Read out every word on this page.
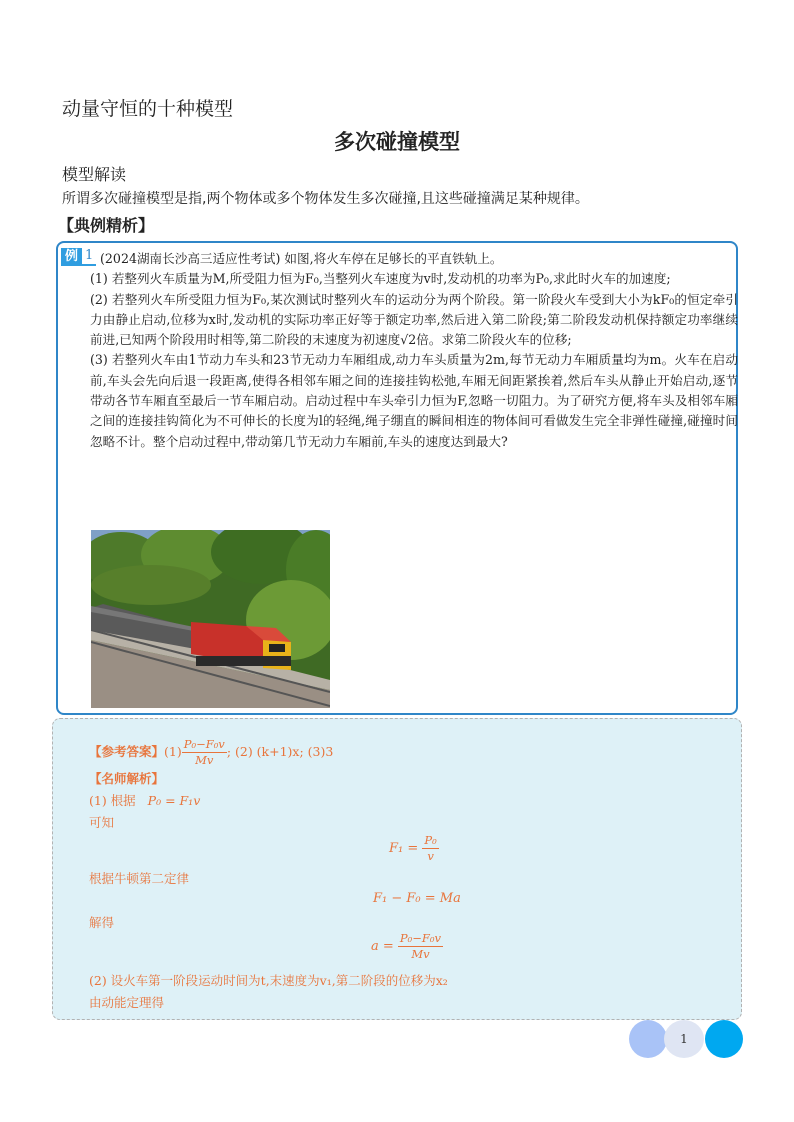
动量守恒的十种模型
多次碰撞模型
模型解读
所谓多次碰撞模型是指,两个物体或多个物体发生多次碰撞,且这些碰撞满足某种规律。
【典例精析】
例 1 (2024湖南长沙高三适应性考试) 如图,将火车停在足够长的平直铁轨上。

(1) 若整列火车质量为M,所受阻力恒为F₀,当整列火车速度为v时,发动机的功率为P₀,求此时火车的加速度;

(2) 若整列火车所受阻力恒为F₀,某次测试时整列火车的运动分为两个阶段。第一阶段火车受到大小为kF₀的恒定牵引力由静止启动,位移为x时,发动机的实际功率正好等于额定功率,然后进入第二阶段;第二阶段发动机保持额定功率继续前进,已知两个阶段用时相等,第二阶段的末速度为初速度√2倍。求第二阶段火车的位移;

(3) 若整列火车由1节动力车头和23节无动力车厢组成,动力车头质量为2m,每节无动力车厢质量均为m。火车在启动前,车头会先向后退一段距离,使得各相邻车厢之间的连接挂钩松弛,车厢无间距紧挨着,然后车头从静止开始启动,逐节带动各节车厢直至最后一节车厢启动。启动过程中车头牵引力恒为F,忽略一切阻力。为了研究方便,将车头及相邻车厢之间的连接挂钩简化为不可伸长的长度为l的轻绳,绳子绷直的瞬间相连的物体间可看做发生完全非弹性碰撞,碰撞时间忽略不计。整个启动过程中,带动第几节无动力车厢前,车头的速度达到最大?

【参考答案】$(1) \frac{\text{P₀−F₀v}}{Mv}$ ; (2) (k+1)x; (3)3
【名师解析】
(1) 根据 P₀ = F₁v
可知
$F_1 = \frac{\text{P₀}}{v}$
根据牛顿第二定律
F₁ − F₀ = Ma
解得
$a = \frac{\text{P₀−F₀v}}{Mv}$
(2) 设火车第一阶段运动时间为t,末速度为v₁,第二阶段的位移为x₂
由动能定理得
1
